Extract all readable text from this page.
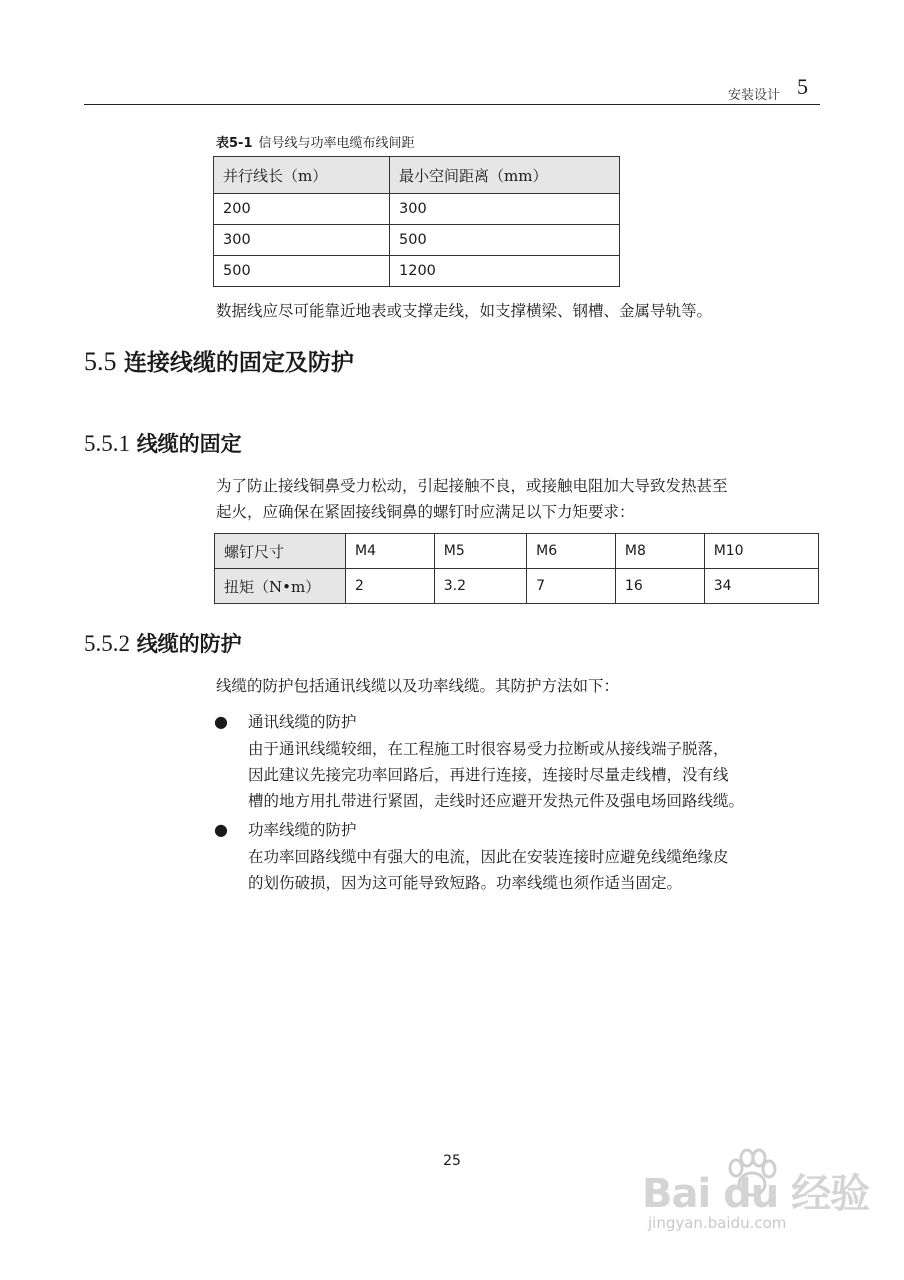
安装设计 5
表5-1 信号线与功率电缆布线间距
并行线长（m）	最小空间距离（mm）
200	300
300	500
500	1200
数据线应尽可能靠近地表或支撑走线，如支撑横梁、钢槽、金属导轨等。
5.5 连接线缆的固定及防护
5.5.1 线缆的固定
为了防止接线铜鼻受力松动，引起接触不良，或接触电阻加大导致发热甚至
起火，应确保在紧固接线铜鼻的螺钉时应满足以下力矩要求：
螺钉尺寸	M4	M5	M6	M8	M10
扭矩（N•m）	2	3.2	7	16	34
5.5.2 线缆的防护
线缆的防护包括通讯线缆以及功率线缆。其防护方法如下：
● 通讯线缆的防护
由于通讯线缆较细，在工程施工时很容易受力拉断或从接线端子脱落，
因此建议先接完功率回路后，再进行连接，连接时尽量走线槽，没有线
槽的地方用扎带进行紧固，走线时还应避开发热元件及强电场回路线缆。
● 功率线缆的防护
在功率回路线缆中有强大的电流，因此在安装连接时应避免线缆绝缘皮
的划伤破损，因为这可能导致短路。功率线缆也须作适当固定。
25
Bai du 经验
jingyan.baidu.com
